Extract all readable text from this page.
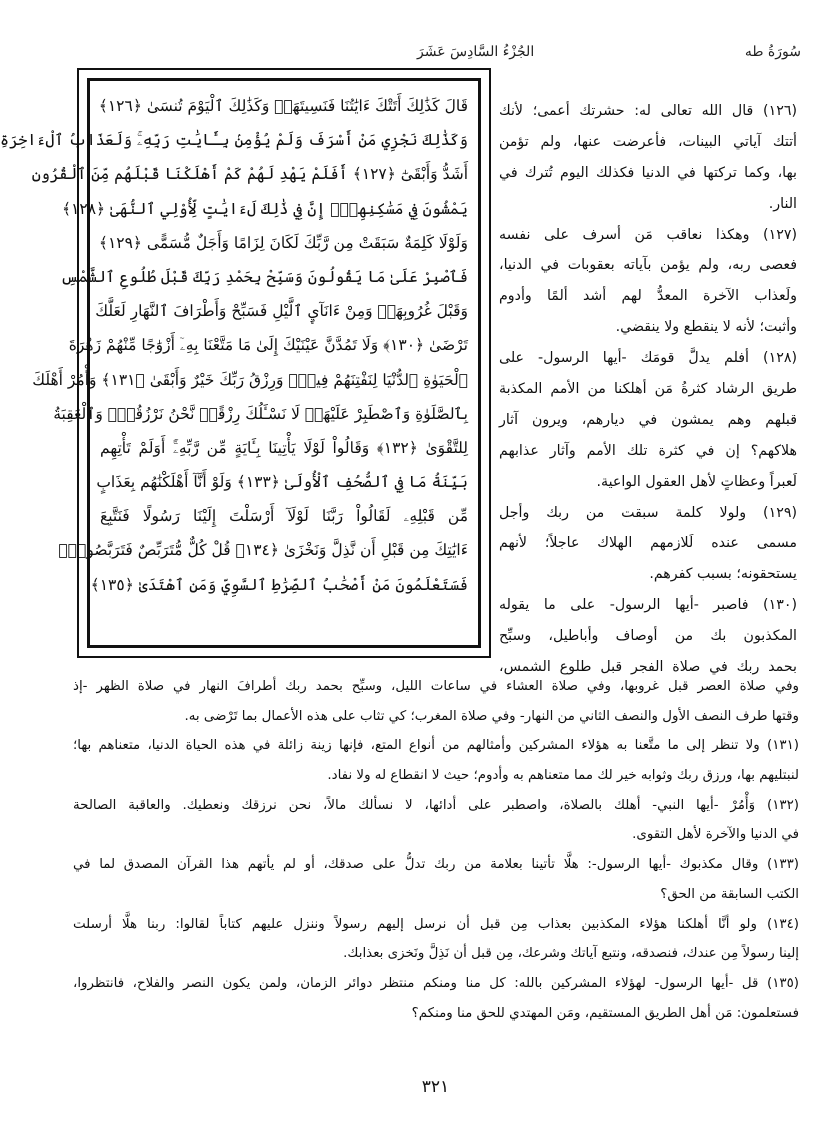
سُورَةُ طه
الجُزْءُ السَّادِسَ عَشَرَ
قَالَ كَذَٰلِكَ أَتَتْكَ ءَايَٰتُنَا فَنَسِيتَهَاۖ وَكَذَٰلِكَ ٱلْيَوْمَ تُنسَىٰ ﴿١٢٦﴾
وَكَذَٰلِكَ نَجْزِي مَنْ أَسْرَفَ وَلَمْ يُؤْمِنۢ بِـَٔايَٰتِ رَبِّهِۦۚ وَلَعَذَابُ ٱلْءَاخِرَةِ
أَشَدُّ وَأَبْقَىٰٓ ﴿١٢٧﴾ أَفَلَمْ يَهْدِ لَهُمْ كَمْ أَهْلَكْنَا قَبْلَهُم مِّنَ ٱلْقُرُونِ
يَمْشُونَ فِي مَسَٰكِنِهِمْۗ إِنَّ فِي ذَٰلِكَ لَءَايَٰتٍ لِّأُوْلِي ٱلنُّهَىٰ ﴿١٢٨﴾
وَلَوْلَا كَلِمَةٌ سَبَقَتْ مِن رَّبِّكَ لَكَانَ لِزَامًا وَأَجَلٌ مُّسَمًّى ﴿١٢٩﴾
فَٱصْبِرْ عَلَىٰ مَا يَقُولُونَ وَسَبِّحْ بِحَمْدِ رَبِّكَ قَبْلَ طُلُوعِ ٱلشَّمْسِ
وَقَبْلَ غُرُوبِهَاۖ وَمِنْ ءَانَآيِٕ ٱلَّيْلِ فَسَبِّحْ وَأَطْرَافَ ٱلنَّهَارِ لَعَلَّكَ
تَرْضَىٰ ﴿١٣٠﴾ وَلَا تَمُدَّنَّ عَيْنَيْكَ إِلَىٰ مَا مَتَّعْنَا بِهِۦٓ أَزْوَٰجًا مِّنْهُمْ زَهْرَةَ
ٱلْحَيَوٰةِ ٱلدُّنْيَا لِنَفْتِنَهُمْ فِيهِۚ وَرِزْقُ رَبِّكَ خَيْرٌ وَأَبْقَىٰ ﴿١٣١﴾ وَأْمُرْ أَهْلَكَ
بِٱلصَّلَوٰةِ وَٱصْطَبِرْ عَلَيْهَاۖ لَا نَسْـَٔلُكَ رِزْقًاۖ نَّحْنُ نَرْزُقُكَۗ وَٱلْعَٰقِبَةُ
لِلتَّقْوَىٰ ﴿١٣٢﴾ وَقَالُواْ لَوْلَا يَأْتِينَا بِـَٔايَةٍ مِّن رَّبِّهِۦٓۚ أَوَلَمْ تَأْتِهِم
بَيِّنَةُ مَا فِي ٱلصُّحُفِ ٱلْأُولَىٰ ﴿١٣٣﴾ وَلَوْ أَنَّآ أَهْلَكْنَٰهُم بِعَذَابٍ
مِّن قَبْلِهِۦ لَقَالُواْ رَبَّنَا لَوْلَآ أَرْسَلْتَ إِلَيْنَا رَسُولًا فَنَتَّبِعَ
ءَايَٰتِكَ مِن قَبْلِ أَن نَّذِلَّ وَنَخْزَىٰ ﴿١٣٤﴾ قُلْ كُلٌّ مُّتَرَبِّصٌ فَتَرَبَّصُواْۖ
فَسَتَعْلَمُونَ مَنْ أَصْحَٰبُ ٱلصِّرَٰطِ ٱلسَّوِيِّ وَمَنِ ٱهْتَدَىٰ ﴿١٣٥﴾
(١٢٦) قال الله تعالى له: حشرتك أعمى؛ لأنك
أتتك آياتي البينات، فأعرضت عنها، ولم تؤمن
بها، وكما تركتها في الدنيا فكذلك اليوم تُترك في
النار.
(١٢٧) وهكذا نعاقب مَن أسرف على نفسه
فعصى ربه، ولم يؤمن بآياته بعقوبات في الدنيا،
ولَعذاب الآخرة المعدُّ لهم أشد ألمًا وأدوم
وأثبت؛ لأنه لا ينقطع ولا ينقضي.
(١٢٨) أفلم يدلَّ قومَك -أيها الرسول- على
طريق الرشاد كثرةُ مَن أهلكنا من الأمم المكذبة
قبلهم وهم يمشون في ديارهم، ويرون آثار
هلاكهم؟ إن في كثرة تلك الأمم وآثار عذابهم
لَعبراً وعظاتٍ لأهل العقول الواعية.
(١٢٩) ولولا كلمة سبقت من ربك وأجل
مسمى عنده لَلازمهم الهلاك عاجلاً؛ لأنهم
يستحقونه؛ بسبب كفرهم.
(١٣٠) فاصبر -أيها الرسول- على ما يقوله
المكذبون بك من أوصاف وأباطيل، وسبِّح
بحمد ربك في صلاة الفجر قبل طلوع الشمس،
وفي صلاة العصر قبل غروبها، وفي صلاة العشاء في ساعات الليل، وسبِّح بحمد ربك أطرافَ النهار في صلاة الظهر -إذ
وقتها طرف النصف الأول والنصف الثاني من النهار- وفي صلاة المغرب؛ كي تثاب على هذه الأعمال بما تَرْضى به.
(١٣١) ولا تنظر إلى ما متَّعنا به هؤلاء المشركين وأمثالهم من أنواع المتع، فإنها زينة زائلة في هذه الحياة الدنيا، متعناهم بها؛
لنبتليهم بها، ورزق ربك وثوابه خير لك مما متعناهم به وأدوم؛ حيث لا انقطاع له ولا نفاد.
(١٣٢) وَأْمُرْ -أيها النبي- أهلك بالصلاة، واصطبر على أدائها، لا نسألك مالاً، نحن نرزقك ونعطيك. والعاقبة الصالحة
في الدنيا والآخرة لأهل التقوى.
(١٣٣) وقال مكذبوك -أيها الرسول-: هلَّا تأتينا بعلامة من ربك تدلُّ على صدقك، أو لم يأتهم هذا القرآن المصدق لما في
الكتب السابقة من الحق؟
(١٣٤) ولو أنَّا أهلكنا هؤلاء المكذبين بعذاب مِن قبل أن نرسل إليهم رسولاً وننزل عليهم كتاباً لقالوا: ربنا هلَّا أرسلت
إلينا رسولاً مِن عندك، فنصدقه، ونتبع آياتك وشرعك، مِن قبل أن نَذِلَّ ونَخزى بعذابك.
(١٣٥) قل -أيها الرسول- لهؤلاء المشركين بالله: كل منا ومنكم منتظر دوائر الزمان، ولمن يكون النصر والفلاح، فانتظروا،
فستعلمون: مَن أهل الطريق المستقيم، ومَن المهتدي للحق منا ومنكم؟
٣٢١
